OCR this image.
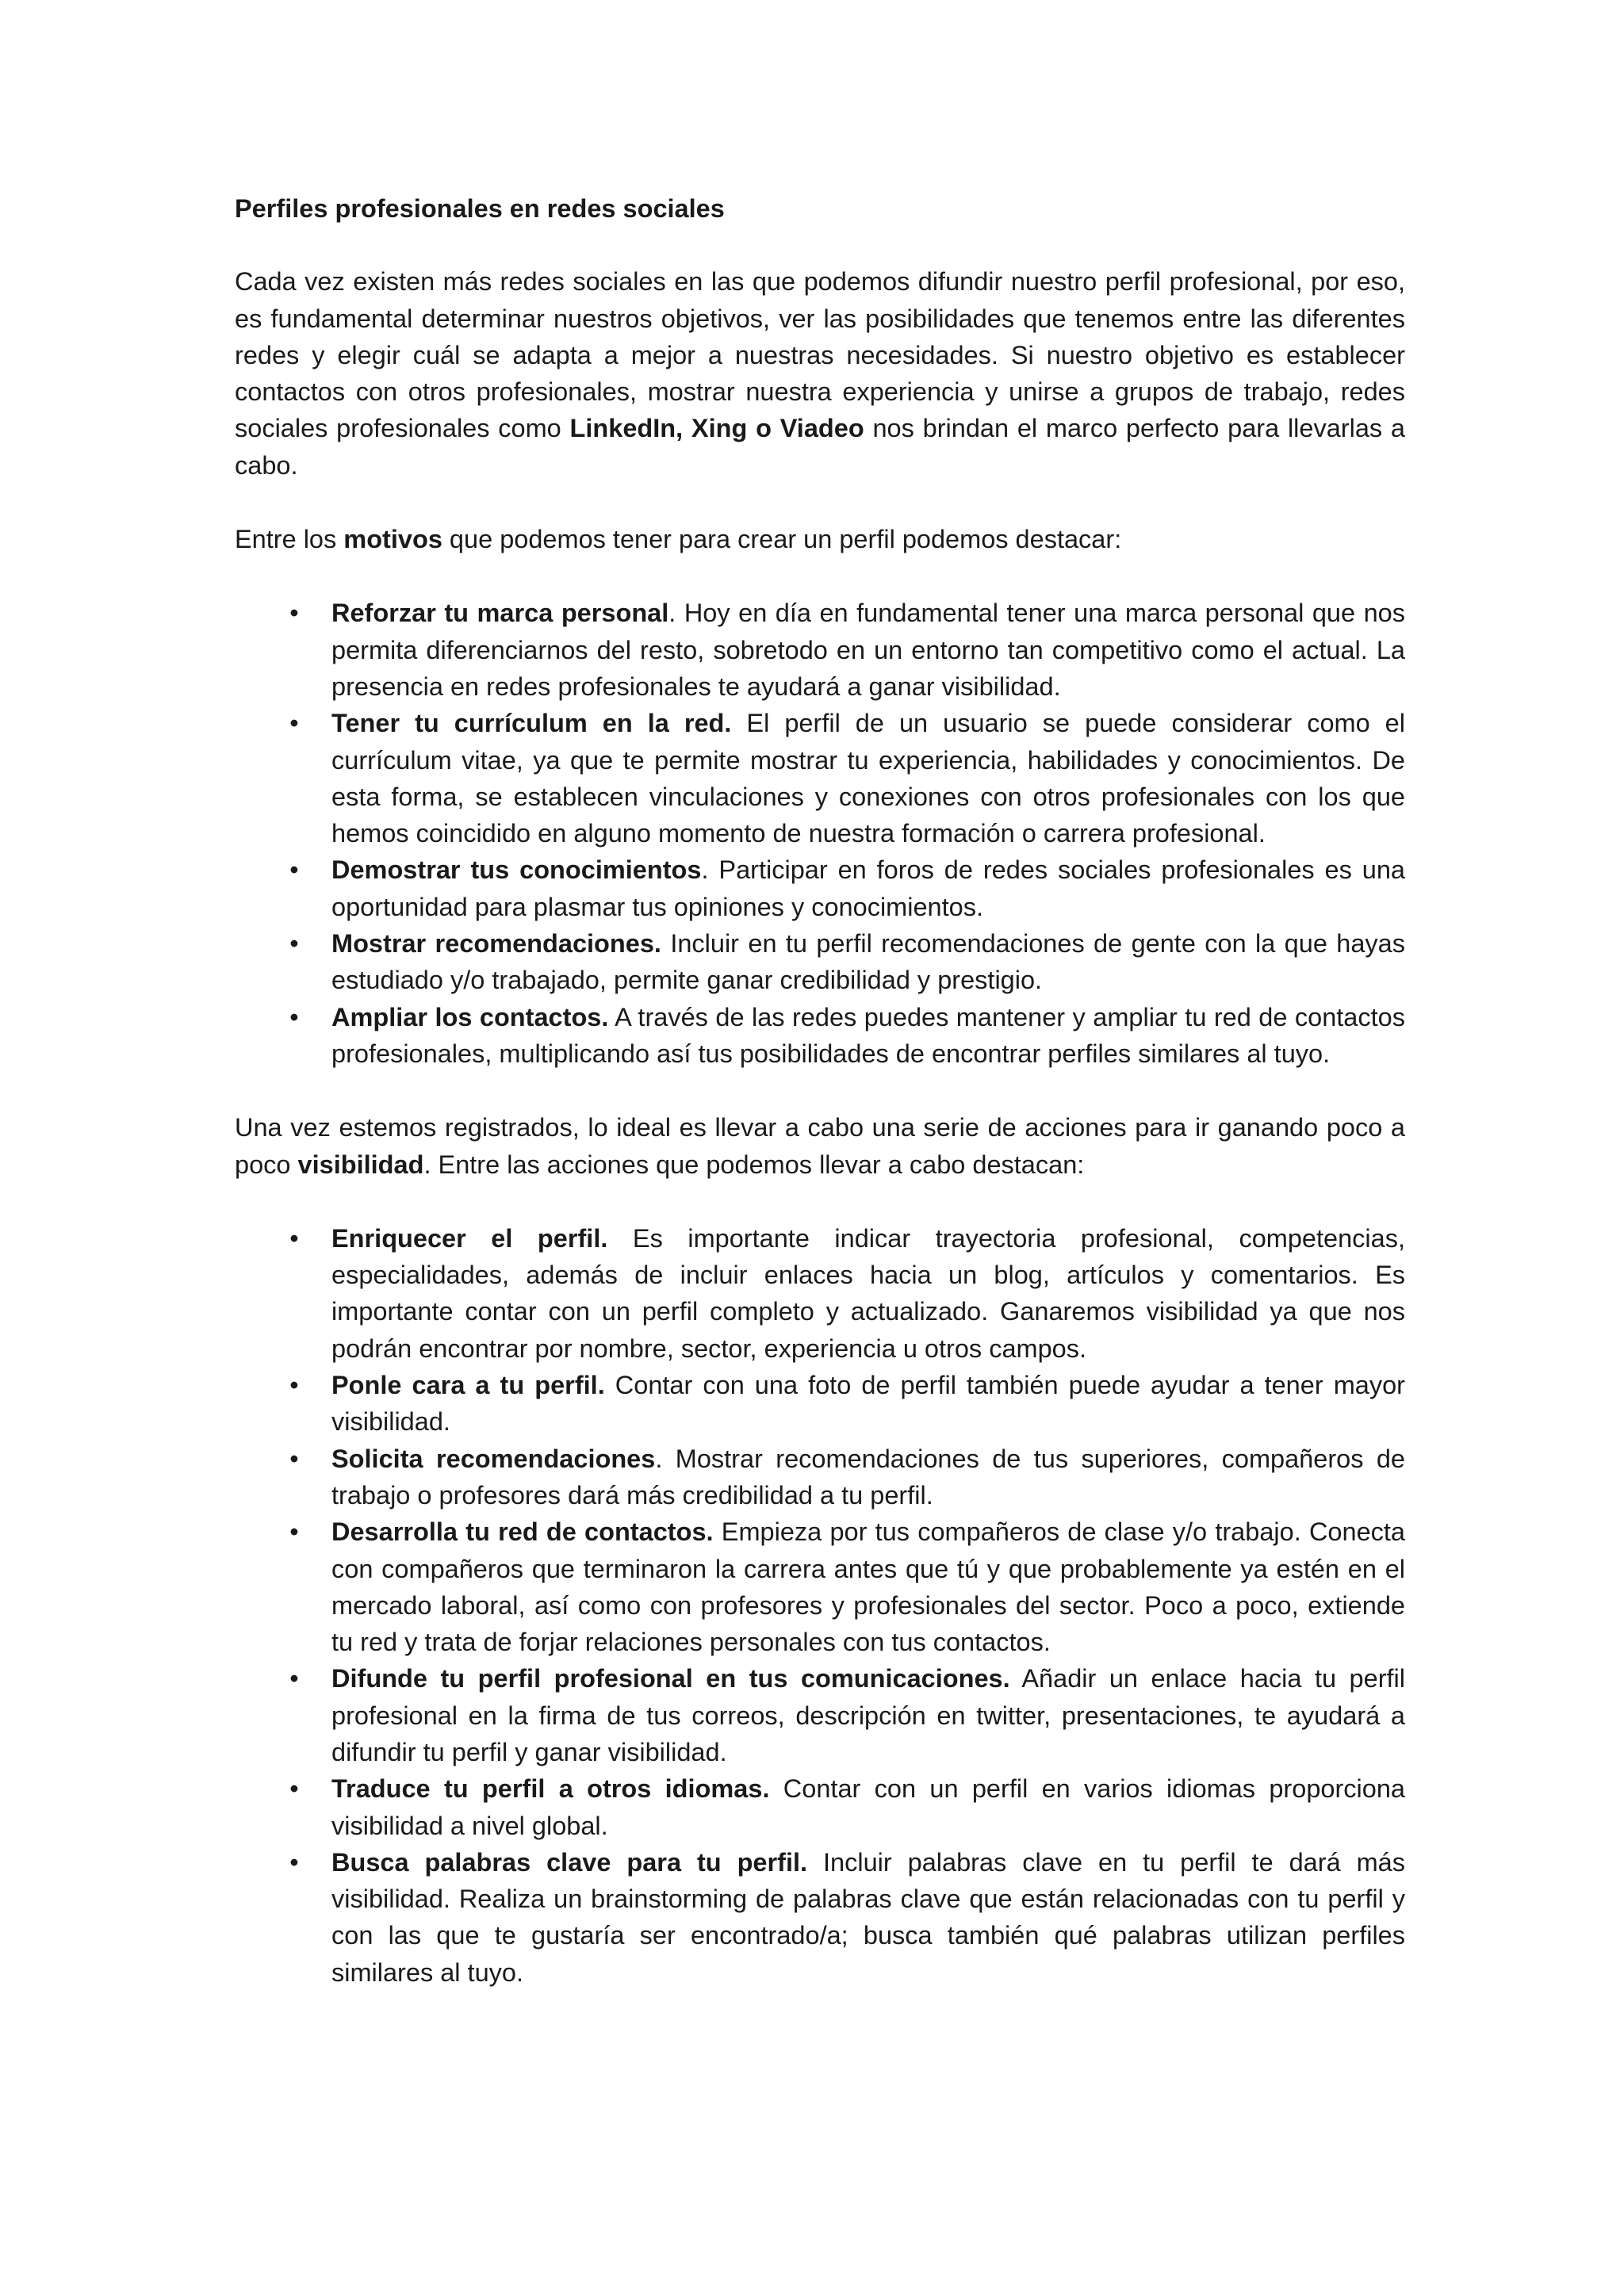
Perfiles profesionales en redes sociales

Cada vez existen más redes sociales en las que podemos difundir nuestro perfil profesional, por eso, es fundamental determinar nuestros objetivos, ver las posibilidades que tenemos entre las diferentes redes y elegir cuál se adapta a mejor a nuestras necesidades. Si nuestro objetivo es establecer contactos con otros profesionales, mostrar nuestra experiencia y unirse a grupos de trabajo, redes sociales profesionales como LinkedIn, Xing o Viadeo nos brindan el marco perfecto para llevarlas a cabo.

Entre los motivos que podemos tener para crear un perfil podemos destacar:

• Reforzar tu marca personal. Hoy en día en fundamental tener una marca personal que nos permita diferenciarnos del resto, sobretodo en un entorno tan competitivo como el actual. La presencia en redes profesionales te ayudará a ganar visibilidad.
• Tener tu currículum en la red. El perfil de un usuario se puede considerar como el currículum vitae, ya que te permite mostrar tu experiencia, habilidades y conocimientos. De esta forma, se establecen vinculaciones y conexiones con otros profesionales con los que hemos coincidido en alguno momento de nuestra formación o carrera profesional.
• Demostrar tus conocimientos. Participar en foros de redes sociales profesionales es una oportunidad para plasmar tus opiniones y conocimientos.
• Mostrar recomendaciones. Incluir en tu perfil recomendaciones de gente con la que hayas estudiado y/o trabajado, permite ganar credibilidad y prestigio.
• Ampliar los contactos. A través de las redes puedes mantener y ampliar tu red de contactos profesionales, multiplicando así tus posibilidades de encontrar perfiles similares al tuyo.

Una vez estemos registrados, lo ideal es llevar a cabo una serie de acciones para ir ganando poco a poco visibilidad. Entre las acciones que podemos llevar a cabo destacan:

• Enriquecer el perfil. Es importante indicar trayectoria profesional, competencias, especialidades, además de incluir enlaces hacia un blog, artículos y comentarios. Es importante contar con un perfil completo y actualizado. Ganaremos visibilidad ya que nos podrán encontrar por nombre, sector, experiencia u otros campos.
• Ponle cara a tu perfil. Contar con una foto de perfil también puede ayudar a tener mayor visibilidad.
• Solicita recomendaciones. Mostrar recomendaciones de tus superiores, compañeros de trabajo o profesores dará más credibilidad a tu perfil.
• Desarrolla tu red de contactos. Empieza por tus compañeros de clase y/o trabajo. Conecta con compañeros que terminaron la carrera antes que tú y que probablemente ya estén en el mercado laboral, así como con profesores y profesionales del sector. Poco a poco, extiende tu red y trata de forjar relaciones personales con tus contactos.
• Difunde tu perfil profesional en tus comunicaciones. Añadir un enlace hacia tu perfil profesional en la firma de tus correos, descripción en twitter, presentaciones, te ayudará a difundir tu perfil y ganar visibilidad.
• Traduce tu perfil a otros idiomas. Contar con un perfil en varios idiomas proporciona visibilidad a nivel global.
• Busca palabras clave para tu perfil. Incluir palabras clave en tu perfil te dará más visibilidad. Realiza un brainstorming de palabras clave que están relacionadas con tu perfil y con las que te gustaría ser encontrado/a; busca también qué palabras utilizan perfiles similares al tuyo.
